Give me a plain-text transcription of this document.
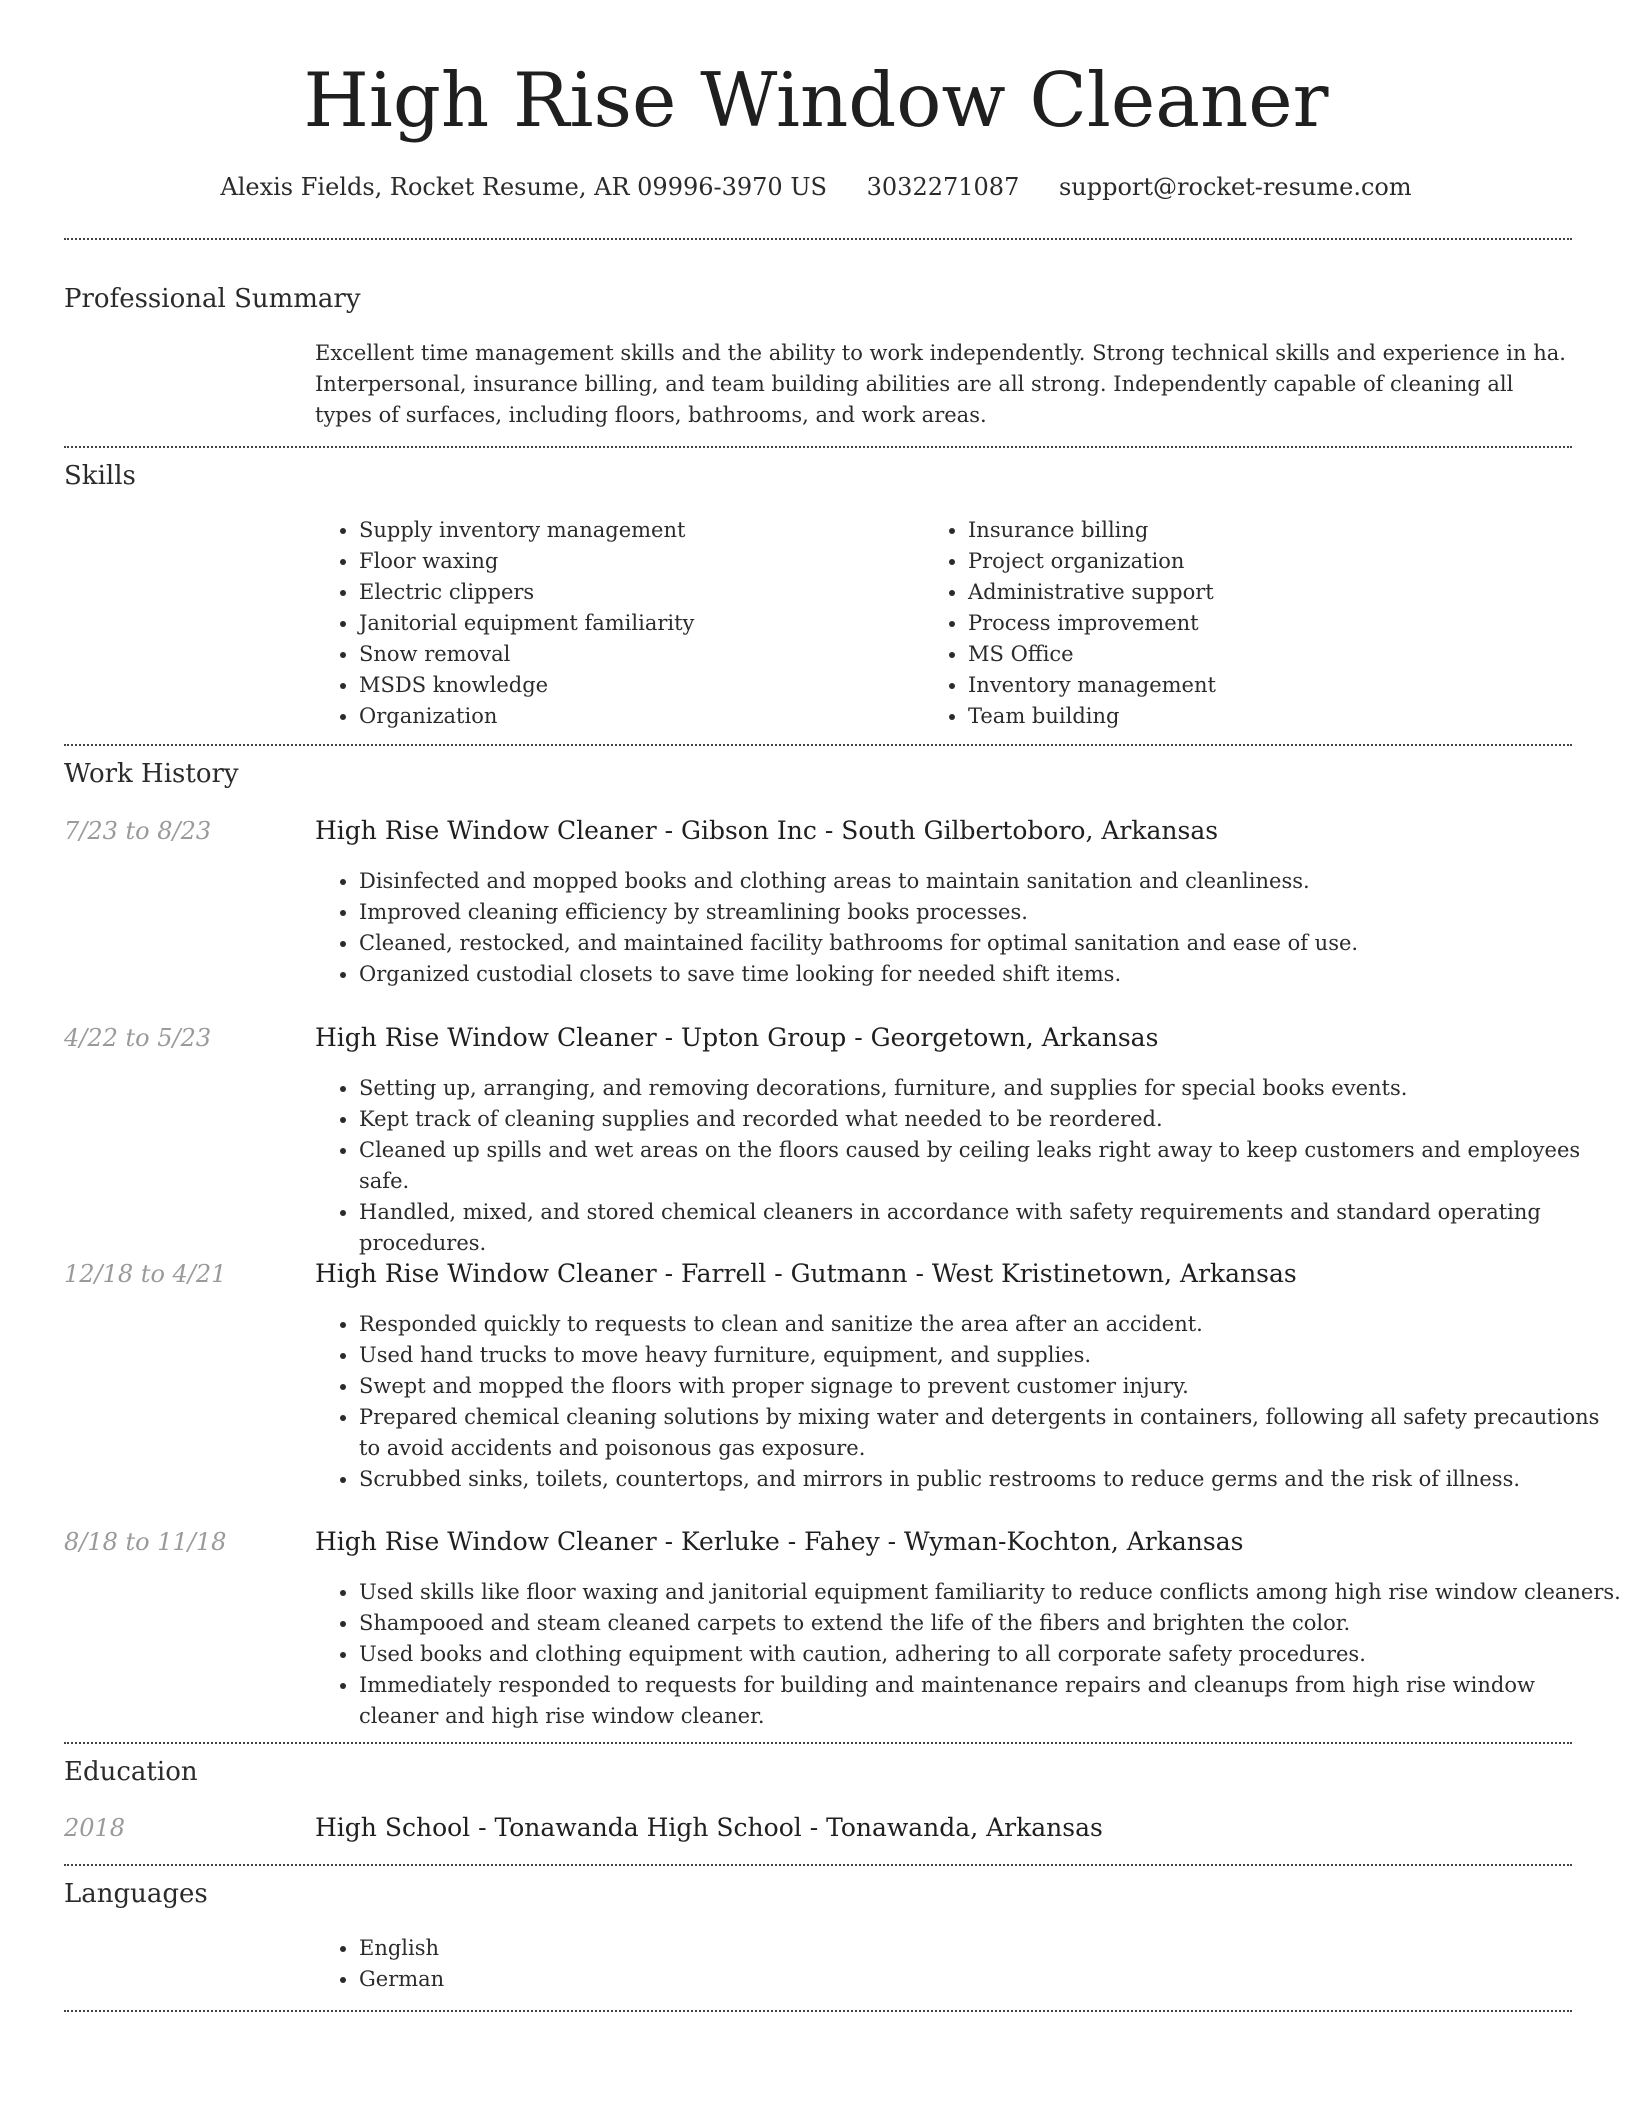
High Rise Window Cleaner
Alexis Fields, Rocket Resume, AR 09996-3970 US 3032271087 support@rocket-resume.com
Professional Summary
Excellent time management skills and the ability to work independently. Strong technical skills and experience in ha. Interpersonal, insurance billing, and team building abilities are all strong. Independently capable of cleaning all types of surfaces, including floors, bathrooms, and work areas.
Skills
• Supply inventory management
• Floor waxing
• Electric clippers
• Janitorial equipment familiarity
• Snow removal
• MSDS knowledge
• Organization
• Insurance billing
• Project organization
• Administrative support
• Process improvement
• MS Office
• Inventory management
• Team building
Work History
7/23 to 8/23	High Rise Window Cleaner - Gibson Inc - South Gilbertoboro, Arkansas
• Disinfected and mopped books and clothing areas to maintain sanitation and cleanliness.
• Improved cleaning efficiency by streamlining books processes.
• Cleaned, restocked, and maintained facility bathrooms for optimal sanitation and ease of use.
• Organized custodial closets to save time looking for needed shift items.
4/22 to 5/23	High Rise Window Cleaner - Upton Group - Georgetown, Arkansas
• Setting up, arranging, and removing decorations, furniture, and supplies for special books events.
• Kept track of cleaning supplies and recorded what needed to be reordered.
• Cleaned up spills and wet areas on the floors caused by ceiling leaks right away to keep customers and employees safe.
• Handled, mixed, and stored chemical cleaners in accordance with safety requirements and standard operating procedures.
12/18 to 4/21	High Rise Window Cleaner - Farrell - Gutmann - West Kristinetown, Arkansas
• Responded quickly to requests to clean and sanitize the area after an accident.
• Used hand trucks to move heavy furniture, equipment, and supplies.
• Swept and mopped the floors with proper signage to prevent customer injury.
• Prepared chemical cleaning solutions by mixing water and detergents in containers, following all safety precautions to avoid accidents and poisonous gas exposure.
• Scrubbed sinks, toilets, countertops, and mirrors in public restrooms to reduce germs and the risk of illness.
8/18 to 11/18	High Rise Window Cleaner - Kerluke - Fahey - Wyman-Kochton, Arkansas
• Used skills like floor waxing and janitorial equipment familiarity to reduce conflicts among high rise window cleaners.
• Shampooed and steam cleaned carpets to extend the life of the fibers and brighten the color.
• Used books and clothing equipment with caution, adhering to all corporate safety procedures.
• Immediately responded to requests for building and maintenance repairs and cleanups from high rise window cleaner and high rise window cleaner.
Education
2018	High School - Tonawanda High School - Tonawanda, Arkansas
Languages
• English
• German
